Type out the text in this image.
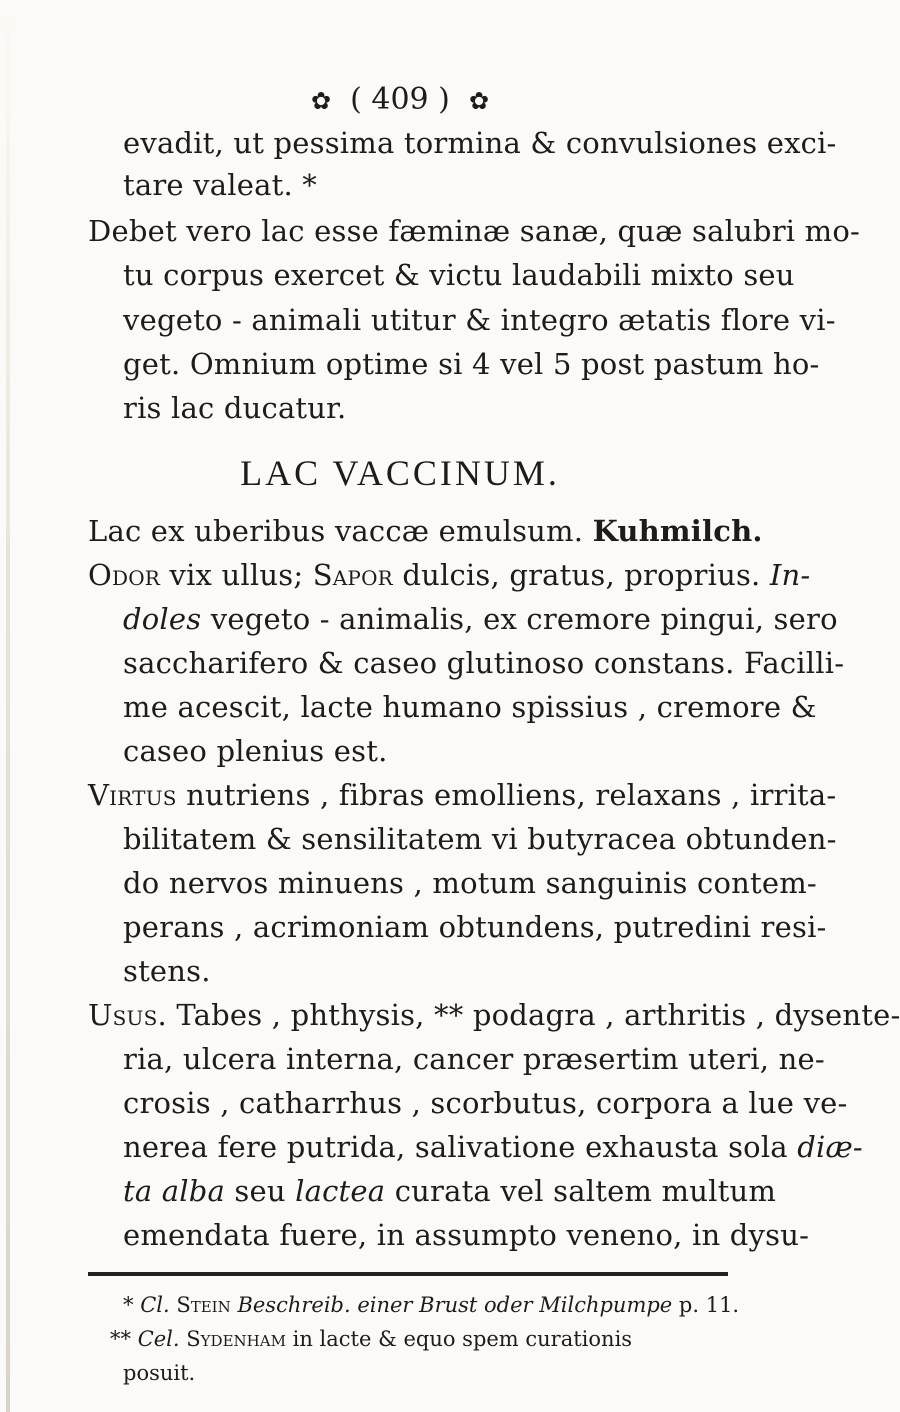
✿ ( 409 ) ✿
evadit, ut pessima tormina & convulsiones exci-
tare valeat. *
Debet vero lac esse fæminæ sanæ, quæ salubri mo-
tu corpus exercet & victu laudabili mixto seu
vegeto - animali utitur & integro ætatis flore vi-
get. Omnium optime si 4 vel 5 post pastum ho-
ris lac ducatur.
LAC VACCINUM.
Lac ex uberibus vaccæ emulsum. Kuhmilch.
Odor vix ullus; Sapor dulcis, gratus, proprius. In-
doles vegeto - animalis, ex cremore pingui, sero
saccharifero & caseo glutinoso constans. Facilli-
me acescit, lacte humano spissius , cremore &
caseo plenius est.
Virtus nutriens , fibras emolliens, relaxans , irrita-
bilitatem & sensilitatem vi butyracea obtunden-
do nervos minuens , motum sanguinis contem-
perans , acrimoniam obtundens, putredini resi-
stens.
Usus. Tabes , phthysis, ** podagra , arthritis , dysente-
ria, ulcera interna, cancer præsertim uteri, ne-
crosis , catharrhus , scorbutus, corpora a lue ve-
nerea fere putrida, salivatione exhausta sola diæ-
ta alba seu lactea curata vel saltem multum
emendata fuere, in assumpto veneno, in dysu-
* Cl. Stein Beschreib. einer Brust oder Milchpumpe p. 11.
** Cel. Sydenham in lacte & equo spem curationis
posuit.
